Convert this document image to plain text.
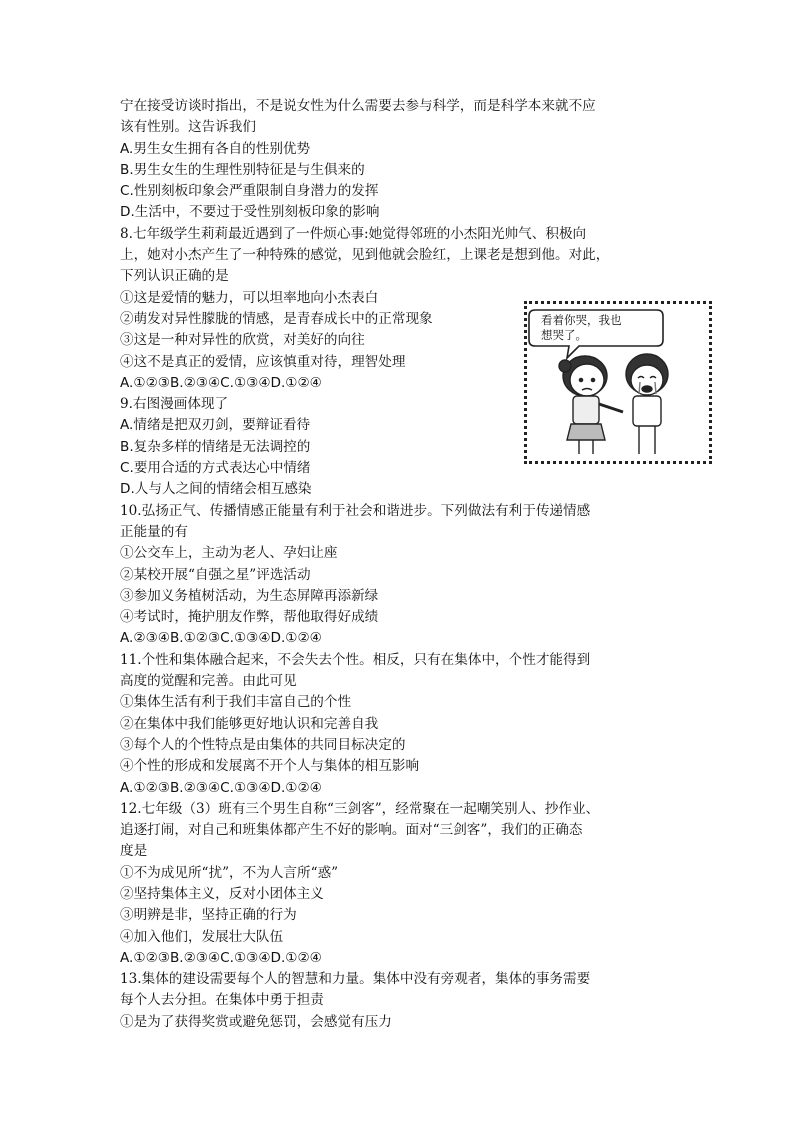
宁在接受访谈时指出，不是说女性为什么需要去参与科学，而是科学本来就不应
该有性别。这告诉我们
A.男生女生拥有各自的性别优势
B.男生女生的生理性别特征是与生俱来的
C.性别刻板印象会严重限制自身潜力的发挥
D.生活中，不要过于受性别刻板印象的影响
8.七年级学生莉莉最近遇到了一件烦心事:她觉得邻班的小杰阳光帅气、积极向
上，她对小杰产生了一种特殊的感觉，见到他就会脸红，上课老是想到他。对此，
下列认识正确的是
①这是爱情的魅力，可以坦率地向小杰表白
②萌发对异性朦胧的情感，是青春成长中的正常现象
③这是一种对异性的欣赏，对美好的向往
④这不是真正的爱情，应该慎重对待，理智处理
A.①②③B.②③④C.①③④D.①②④
9.右图漫画体现了
A.情绪是把双刃剑，要辩证看待
B.复杂多样的情绪是无法调控的
C.要用合适的方式表达心中情绪
D.人与人之间的情绪会相互感染
10.弘扬正气、传播情感正能量有利于社会和谐进步。下列做法有利于传递情感
正能量的有
①公交车上，主动为老人、孕妇让座
②某校开展“自强之星”评选活动
③参加义务植树活动，为生态屏障再添新绿
④考试时，掩护朋友作弊，帮他取得好成绩
A.②③④B.①②③C.①③④D.①②④
11.个性和集体融合起来，不会失去个性。相反，只有在集体中，个性才能得到
高度的觉醒和完善。由此可见
①集体生活有利于我们丰富自己的个性
②在集体中我们能够更好地认识和完善自我
③每个人的个性特点是由集体的共同目标决定的
④个性的形成和发展离不开个人与集体的相互影响
A.①②③B.②③④C.①③④D.①②④
12.七年级（3）班有三个男生自称“三剑客”，经常聚在一起嘲笑别人、抄作业、
追逐打闹，对自己和班集体都产生不好的影响。面对“三剑客”，我们的正确态
度是
①不为成见所“扰”，不为人言所“惑”
②坚持集体主义，反对小团体主义
③明辨是非，坚持正确的行为
④加入他们，发展壮大队伍
A.①②③B.②③④C.①③④D.①②④
13.集体的建设需要每个人的智慧和力量。集体中没有旁观者，集体的事务需要
每个人去分担。在集体中勇于担责
①是为了获得奖赏或避免惩罚，会感觉有压力
看着你哭，我也
想哭了。
